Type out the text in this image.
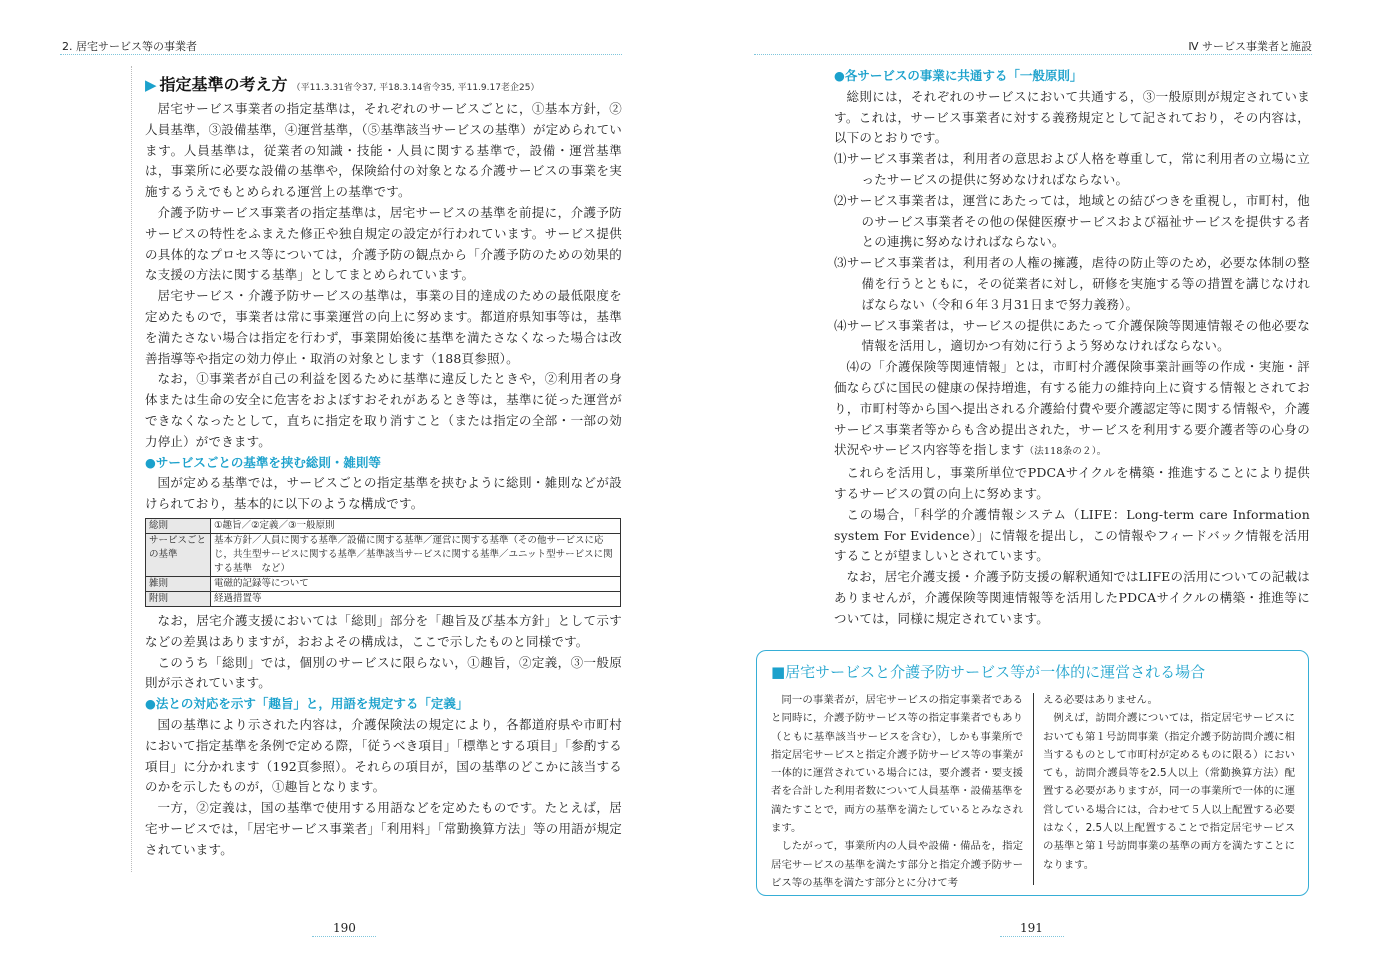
2. 居宅サービス等の事業者
▶ 指定基準の考え方 （平11.3.31省令37, 平18.3.14省令35, 平11.9.17老企25）

居宅サービス事業者の指定基準は，それぞれのサービスごとに，①基本方針，②人員基準，③設備基準，④運営基準，（⑤基準該当サービスの基準）が定められています。人員基準は，従業者の知識・技能・人員に関する基準で，設備・運営基準は，事業所に必要な設備の基準や，保険給付の対象となる介護サービスの事業を実施するうえでもとめられる運営上の基準です。

介護予防サービス事業者の指定基準は，居宅サービスの基準を前提に，介護予防サービスの特性をふまえた修正や独自規定の設定が行われています。サービス提供の具体的なプロセス等については，介護予防の観点から「介護予防のための効果的な支援の方法に関する基準」としてまとめられています。

居宅サービス・介護予防サービスの基準は，事業の目的達成のための最低限度を定めたもので，事業者は常に事業運営の向上に努めます。都道府県知事等は，基準を満たさない場合は指定を行わず，事業開始後に基準を満たさなくなった場合は改善指導等や指定の効力停止・取消の対象とします（188頁参照）。

なお，①事業者が自己の利益を図るために基準に違反したときや，②利用者の身体または生命の安全に危害をおよぼすおそれがあるとき等は，基準に従った運営ができなくなったとして，直ちに指定を取り消すこと（または指定の全部・一部の効力停止）ができます。

●サービスごとの基準を挟む総則・雑則等

国が定める基準では，サービスごとの指定基準を挟むように総則・雑則などが設けられており，基本的に以下のような構成です。

総則	①趣旨／②定義／③一般原則
サービスごとの基準	基本方針／人員に関する基準／設備に関する基準／運営に関する基準（その他サービスに応じ，共生型サービスに関する基準／基準該当サービスに関する基準／ユニット型サービスに関する基準　など）
雑則	電磁的記録等について
附則	経過措置等

なお，居宅介護支援においては「総則」部分を「趣旨及び基本方針」として示すなどの差異はありますが，おおよその構成は，ここで示したものと同様です。

このうち「総則」では，個別のサービスに限らない，①趣旨，②定義，③一般原則が示されています。

●法との対応を示す「趣旨」と，用語を規定する「定義」

国の基準により示された内容は，介護保険法の規定により，各都道府県や市町村において指定基準を条例で定める際，「従うべき項目」「標準とする項目」「参酌する項目」に分かれます（192頁参照）。それらの項目が，国の基準のどこかに該当するのかを示したものが，①趣旨となります。

一方，②定義は，国の基準で使用する用語などを定めたものです。たとえば，居宅サービスでは，「居宅サービス事業者」「利用料」「常勤換算方法」等の用語が規定されています。

190
Ⅳ サービス事業者と施設

●各サービスの事業に共通する「一般原則」

総則には，それぞれのサービスにおいて共通する，③一般原則が規定されています。これは，サービス事業者に対する義務規定として記されており，その内容は，以下のとおりです。

⑴サービス事業者は，利用者の意思および人格を尊重して，常に利用者の立場に立ったサービスの提供に努めなければならない。

⑵サービス事業者は，運営にあたっては，地域との結びつきを重視し，市町村，他のサービス事業者その他の保健医療サービスおよび福祉サービスを提供する者との連携に努めなければならない。

⑶サービス事業者は，利用者の人権の擁護，虐待の防止等のため，必要な体制の整備を行うとともに，その従業者に対し，研修を実施する等の措置を講じなければならない（令和６年３月31日まで努力義務）。

⑷サービス事業者は，サービスの提供にあたって介護保険等関連情報その他必要な情報を活用し，適切かつ有効に行うよう努めなければならない。

⑷の「介護保険等関連情報」とは，市町村介護保険事業計画等の作成・実施・評価ならびに国民の健康の保持増進，有する能力の維持向上に資する情報とされており，市町村等から国へ提出される介護給付費や要介護認定等に関する情報や，介護サービス事業者等からも含め提出された，サービスを利用する要介護者等の心身の状況やサービス内容等を指します（法118条の２）。

これらを活用し，事業所単位でPDCAサイクルを構築・推進することにより提供するサービスの質の向上に努めます。

この場合，「科学的介護情報システム（LIFE：Long-term care Information system For Evidence）」に情報を提出し，この情報やフィードバック情報を活用することが望ましいとされています。

なお，居宅介護支援・介護予防支援の解釈通知ではLIFEの活用についての記載はありませんが，介護保険等関連情報等を活用したPDCAサイクルの構築・推進等については，同様に規定されています。

■居宅サービスと介護予防サービス等が一体的に運営される場合

同一の事業者が，居宅サービスの指定事業者であると同時に，介護予防サービス等の指定事業者でもあり（ともに基準該当サービスを含む），しかも事業所で指定居宅サービスと指定介護予防サービス等の事業が一体的に運営されている場合には，要介護者・要支援者を合計した利用者数について人員基準・設備基準を満たすことで，両方の基準を満たしているとみなされます。

したがって，事業所内の人員や設備・備品を，指定居宅サービスの基準を満たす部分と指定介護予防サービス等の基準を満たす部分とに分けて考

える必要はありません。

例えば，訪問介護については，指定居宅サービスにおいても第１号訪問事業（指定介護予防訪問介護に相当するものとして市町村が定めるものに限る）においても，訪問介護員等を2.5人以上（常勤換算方法）配置する必要がありますが，同一の事業所で一体的に運営している場合には，合わせて５人以上配置する必要はなく，2.5人以上配置することで指定居宅サービスの基準と第１号訪問事業の基準の両方を満たすことになります。

191
